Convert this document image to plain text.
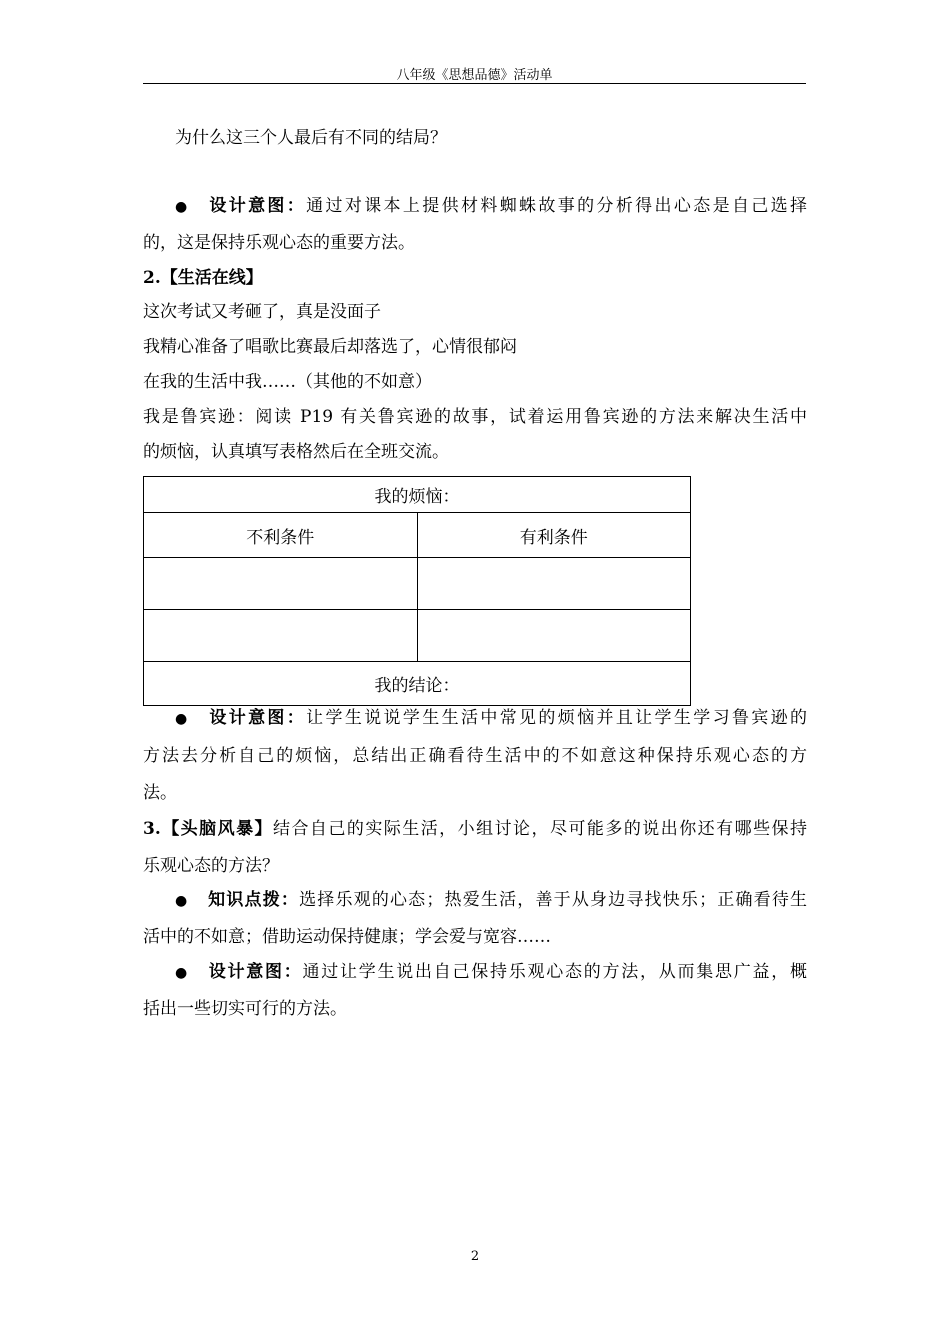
八年级《思想品德》活动单
为什么这三个人最后有不同的结局？
● 设计意图：通过对课本上提供材料蜘蛛故事的分析得出心态是自己选择
的，这是保持乐观心态的重要方法。
2.【生活在线】
这次考试又考砸了，真是没面子
我精心准备了唱歌比赛最后却落选了，心情很郁闷
在我的生活中我……（其他的不如意）
我是鲁宾逊：阅读 P19 有关鲁宾逊的故事，试着运用鲁宾逊的方法来解决生活中
的烦恼，认真填写表格然后在全班交流。
我的烦恼：	
不利条件	有利条件

我的结论：	
● 设计意图：让学生说说学生生活中常见的烦恼并且让学生学习鲁宾逊的
方法去分析自己的烦恼，总结出正确看待生活中的不如意这种保持乐观心态的方
法。
3.【头脑风暴】结合自己的实际生活，小组讨论，尽可能多的说出你还有哪些保持
乐观心态的方法？
● 知识点拨：选择乐观的心态；热爱生活，善于从身边寻找快乐；正确看待生
活中的不如意；借助运动保持健康；学会爱与宽容……
● 设计意图：通过让学生说出自己保持乐观心态的方法，从而集思广益，概
括出一些切实可行的方法。
2
